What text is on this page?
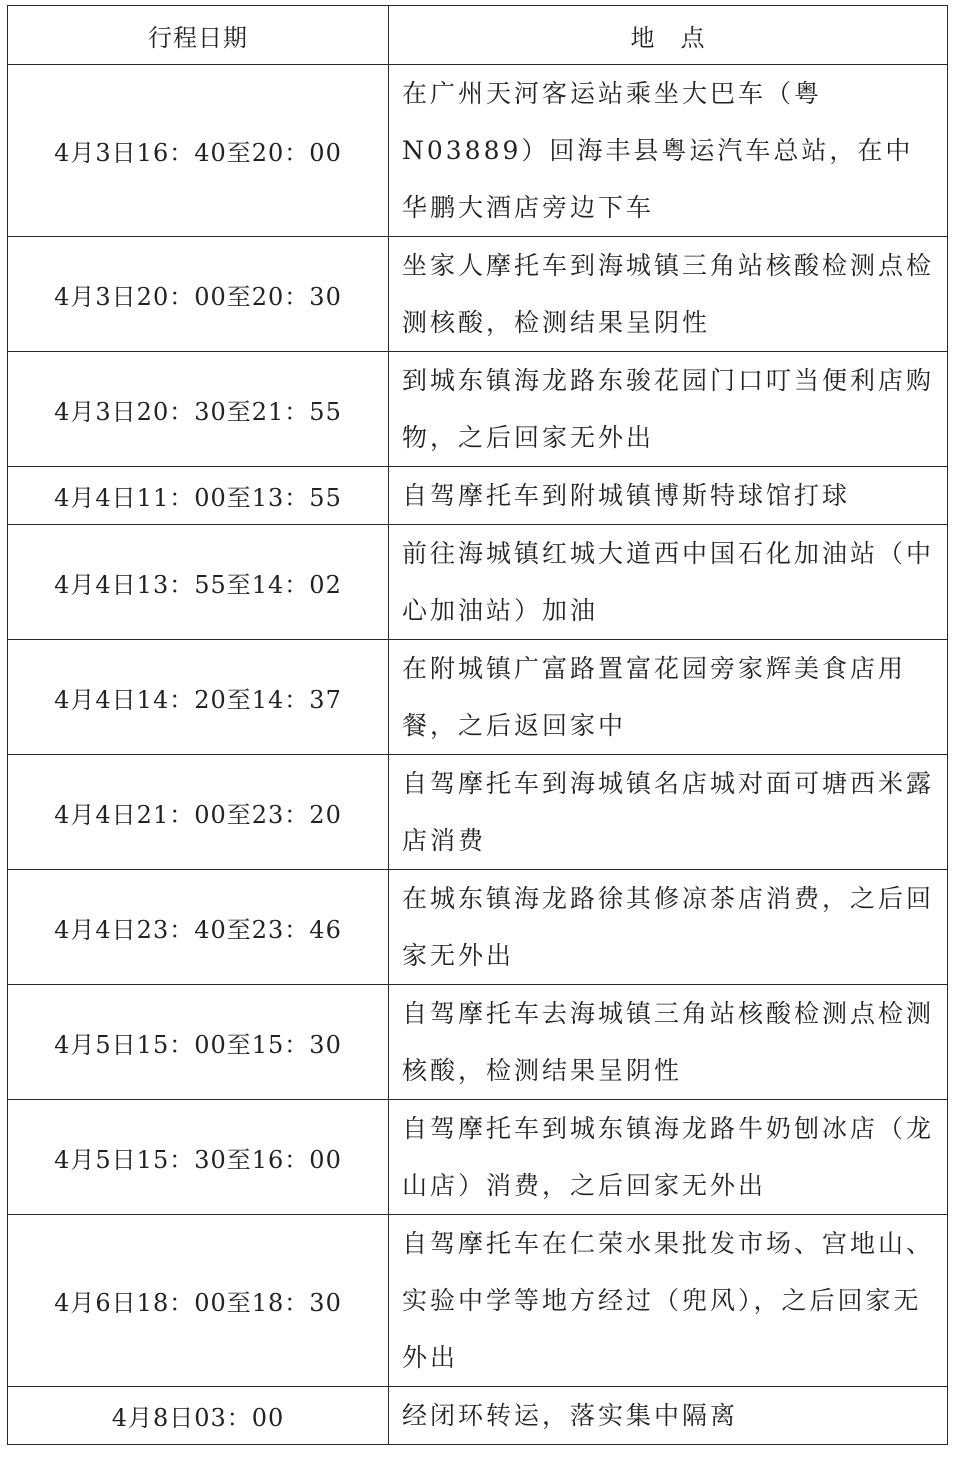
行程日期	地　点
4月3日16：40至20：00	在广州天河客运站乘坐大巴车（粤N03889）回海丰县粤运汽车总站，在中华鹏大酒店旁边下车
4月3日20：00至20：30	坐家人摩托车到海城镇三角站核酸检测点检测核酸，检测结果呈阴性
4月3日20：30至21：55	到城东镇海龙路东骏花园门口叮当便利店购物，之后回家无外出
4月4日11：00至13：55	自驾摩托车到附城镇博斯特球馆打球
4月4日13：55至14：02	前往海城镇红城大道西中国石化加油站（中心加油站）加油
4月4日14：20至14：37	在附城镇广富路置富花园旁家辉美食店用餐，之后返回家中
4月4日21：00至23：20	自驾摩托车到海城镇名店城对面可塘西米露店消费
4月4日23：40至23：46	在城东镇海龙路徐其修凉茶店消费，之后回家无外出
4月5日15：00至15：30	自驾摩托车去海城镇三角站核酸检测点检测核酸，检测结果呈阴性
4月5日15：30至16：00	自驾摩托车到城东镇海龙路牛奶刨冰店（龙山店）消费，之后回家无外出
4月6日18：00至18：30	自驾摩托车在仁荣水果批发市场、宫地山、实验中学等地方经过（兜风），之后回家无外出
4月8日03：00	经闭环转运，落实集中隔离
